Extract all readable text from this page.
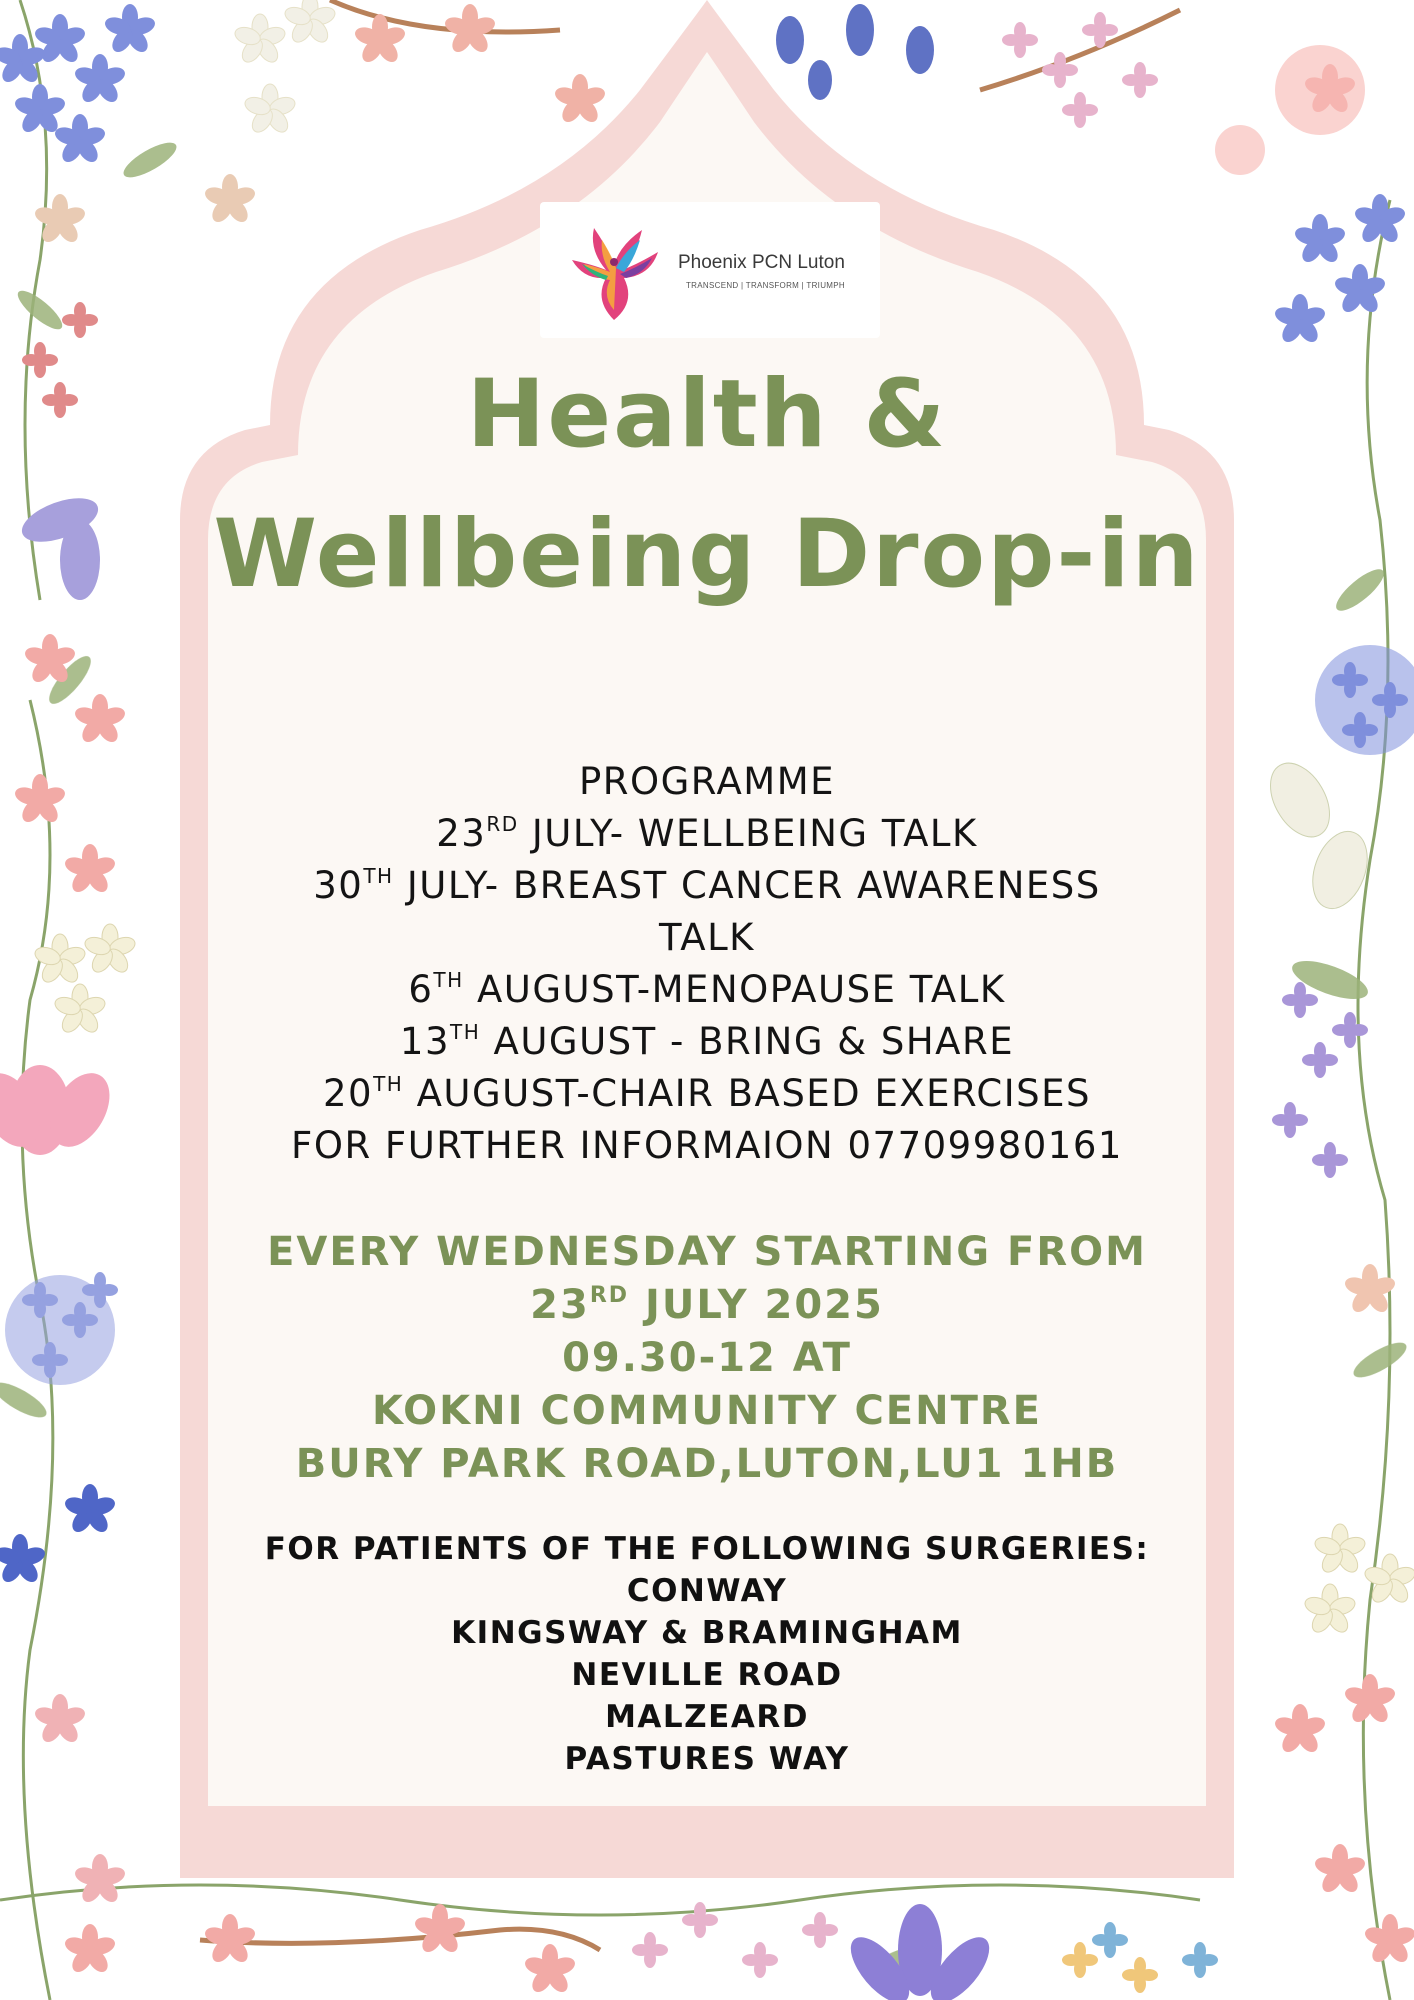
Phoenix PCN Luton
TRANSCEND | TRANSFORM | TRIUMPH
Health &
Wellbeing Drop-in
PROGRAMME
23RD JULY- WELLBEING TALK
30TH JULY- BREAST CANCER AWARENESS
TALK
6TH AUGUST-MENOPAUSE TALK
13TH AUGUST - BRING & SHARE
20TH AUGUST-CHAIR BASED EXERCISES
FOR FURTHER INFORMAION 07709980161
EVERY WEDNESDAY STARTING FROM
23RD JULY 2025
09.30-12 AT
KOKNI COMMUNITY CENTRE
BURY PARK ROAD,LUTON,LU1 1HB
FOR PATIENTS OF THE FOLLOWING SURGERIES:
CONWAY
KINGSWAY & BRAMINGHAM
NEVILLE ROAD
MALZEARD
PASTURES WAY
